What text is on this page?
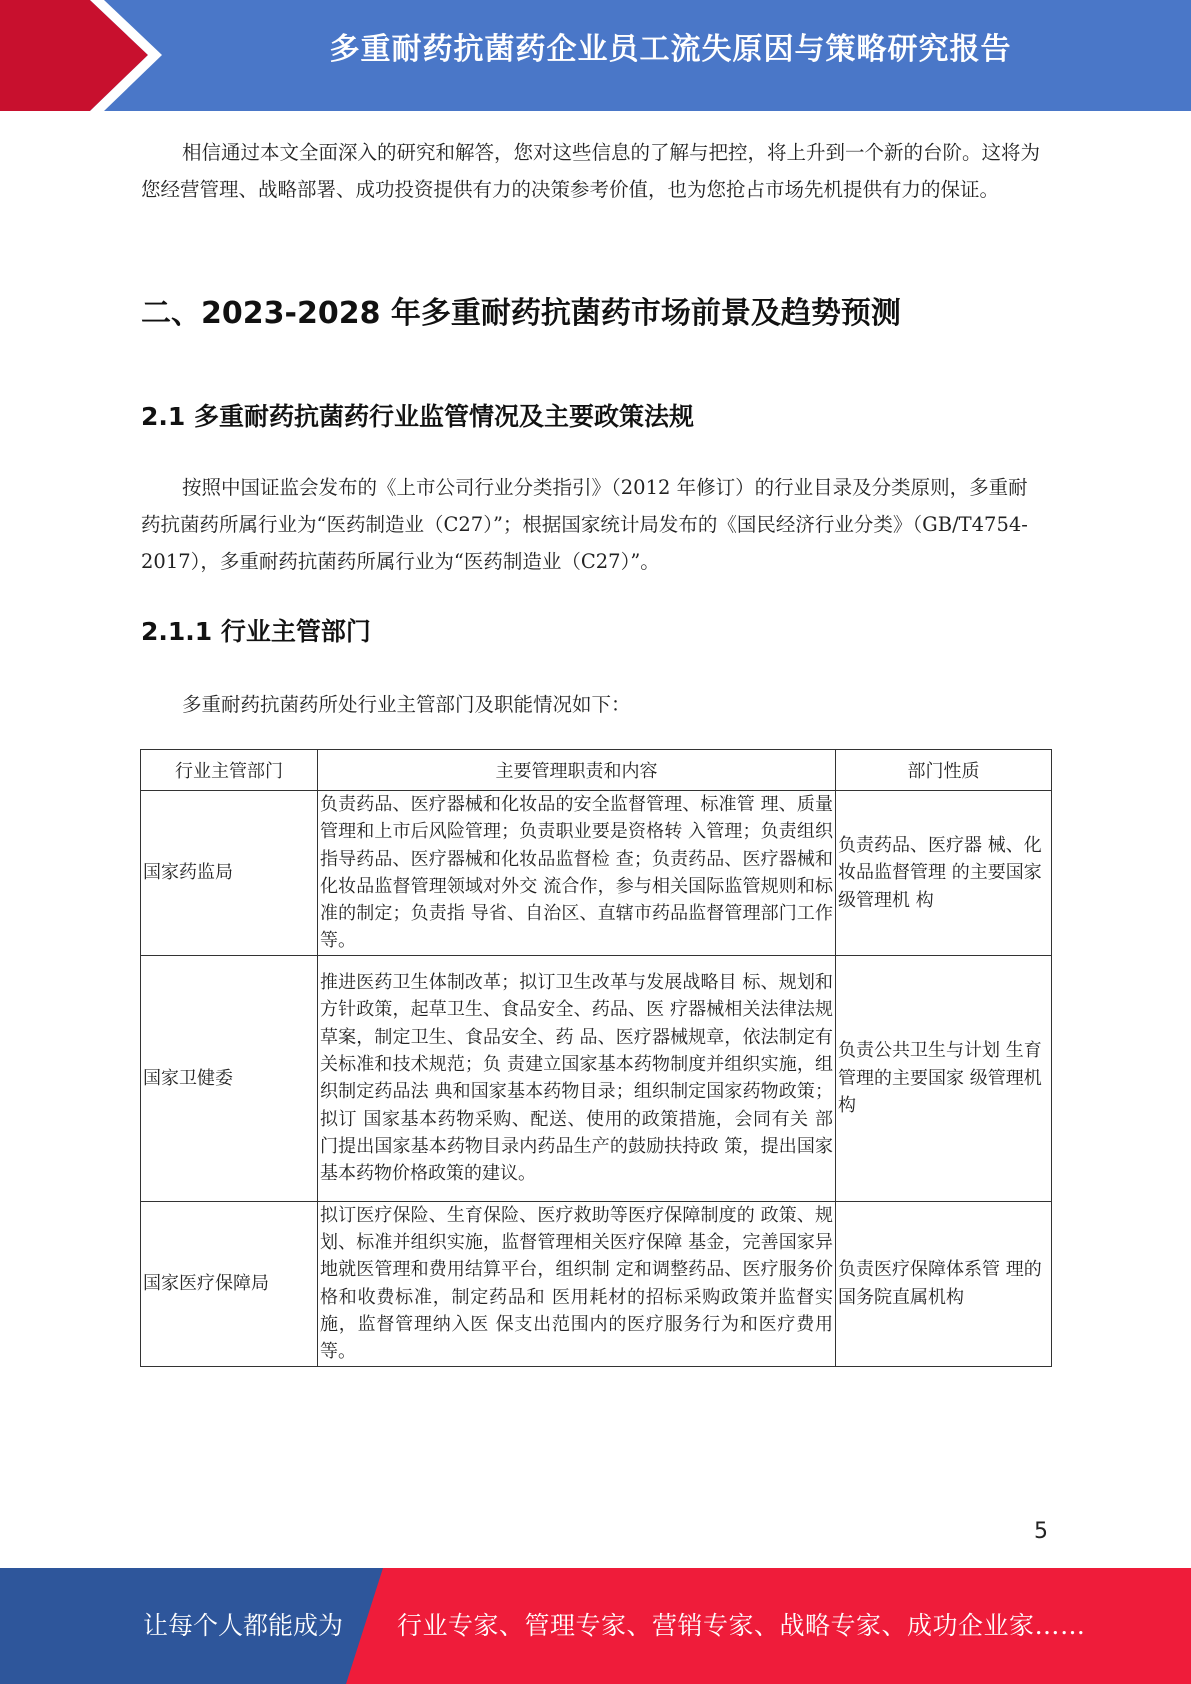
多重耐药抗菌药企业员工流失原因与策略研究报告

相信通过本文全面深入的研究和解答，您对这些信息的了解与把控，将上升到一个新的台阶。这将为您经营管理、战略部署、成功投资提供有力的决策参考价值，也为您抢占市场先机提供有力的保证。

二、2023-2028 年多重耐药抗菌药市场前景及趋势预测
2.1 多重耐药抗菌药行业监管情况及主要政策法规

按照中国证监会发布的《上市公司行业分类指引》（2012 年修订）的行业目录及分类原则，多重耐药抗菌药所属行业为“医药制造业（C27）”；根据国家统计局发布的《国民经济行业分类》（GB/T4754-2017），多重耐药抗菌药所属行业为“医药制造业（C27）”。

2.1.1 行业主管部门

多重耐药抗菌药所处行业主管部门及职能情况如下：

行业主管部门	主要管理职责和内容	部门性质
国家药监局	负责药品、医疗器械和化妆品的安全监督管理、标准管 理、质量管理和上市后风险管理；负责职业要是资格转 入管理；负责组织指导药品、医疗器械和化妆品监督检 查；负责药品、医疗器械和化妆品监督管理领域对外交 流合作，参与相关国际监管规则和标准的制定；负责指 导省、自治区、直辖市药品监督管理部门工作等。	负责药品、医疗器 械、化妆品监督管理 的主要国家级管理机 构
国家卫健委	推进医药卫生体制改革；拟订卫生改革与发展战略目 标、规划和方针政策，起草卫生、食品安全、药品、医 疗器械相关法律法规草案，制定卫生、食品安全、药 品、医疗器械规章，依法制定有关标准和技术规范；负 责建立国家基本药物制度并组织实施，组织制定药品法 典和国家基本药物目录；组织制定国家药物政策；拟订 国家基本药物采购、配送、使用的政策措施，会同有关 部门提出国家基本药物目录内药品生产的鼓励扶持政 策，提出国家基本药物价格政策的建议。	负责公共卫生与计划 生育管理的主要国家 级管理机构
国家医疗保障局	拟订医疗保险、生育保险、医疗救助等医疗保障制度的 政策、规划、标准并组织实施，监督管理相关医疗保障 基金，完善国家异地就医管理和费用结算平台，组织制 定和调整药品、医疗服务价格和收费标准，制定药品和 医用耗材的招标采购政策并监督实施，监督管理纳入医 保支出范围内的医疗服务行为和医疗费用等。	负责医疗保障体系管 理的国务院直属机构
5
让每个人都能成为 行业专家、管理专家、营销专家、战略专家、成功企业家……
